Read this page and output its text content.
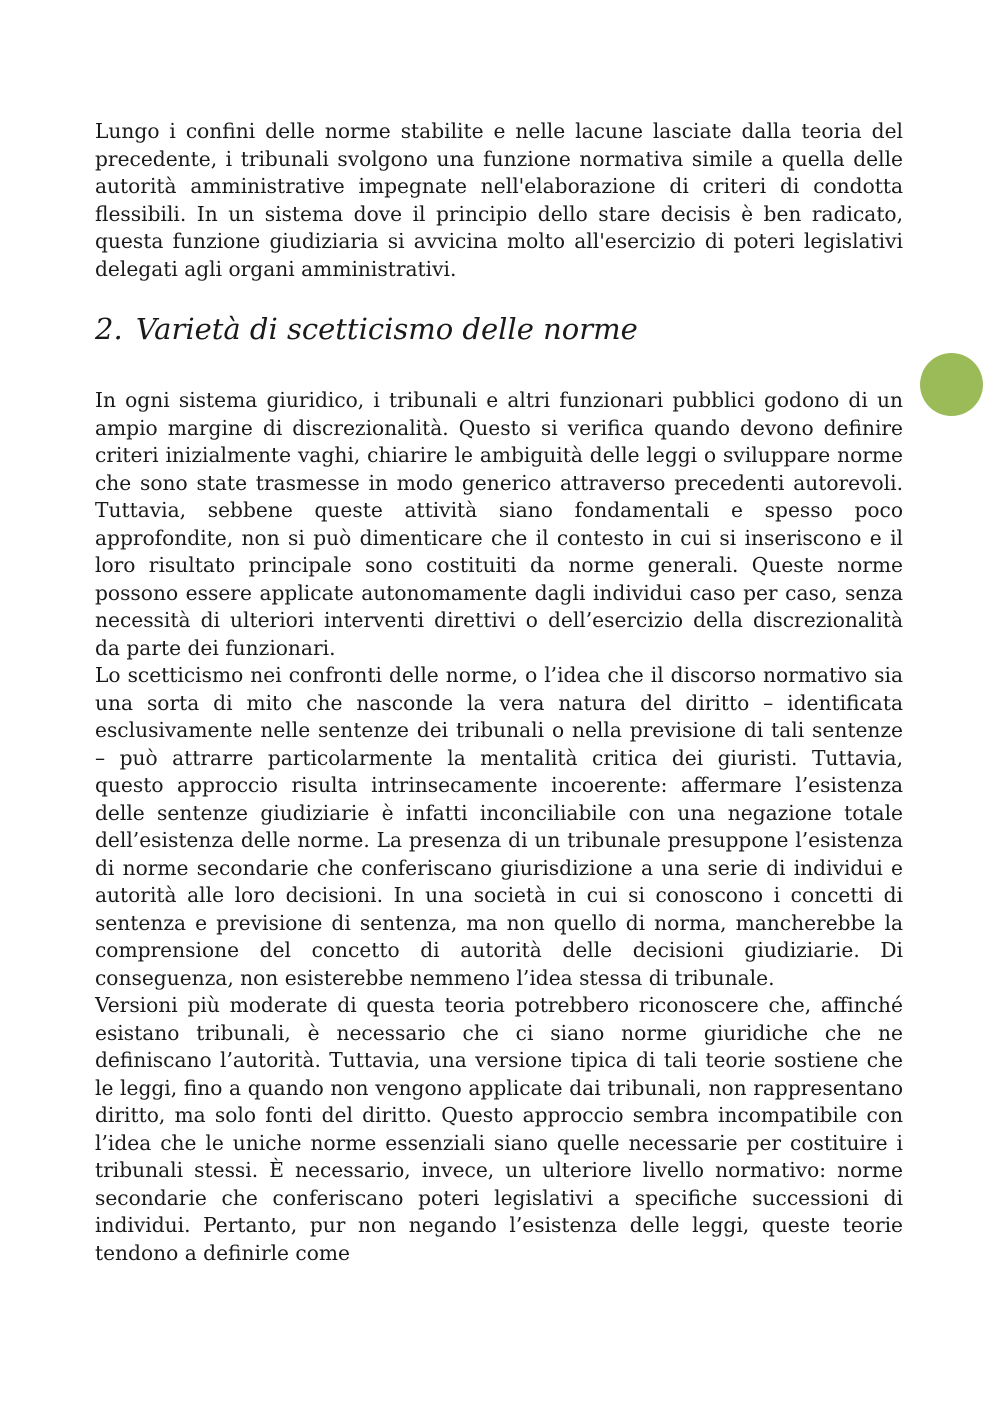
Lungo i confini delle norme stabilite e nelle lacune lasciate dalla teoria del precedente, i tribunali svolgono una funzione normativa simile a quella delle autorità amministrative impegnate nell'elaborazione di criteri di condotta flessibili. In un sistema dove il principio dello stare decisis è ben radicato, questa funzione giudiziaria si avvicina molto all'esercizio di poteri legislativi delegati agli organi amministrativi.

2. Varietà di scetticismo delle norme

In ogni sistema giuridico, i tribunali e altri funzionari pubblici godono di un ampio margine di discrezionalità. Questo si verifica quando devono definire criteri inizialmente vaghi, chiarire le ambiguità delle leggi o sviluppare norme che sono state trasmesse in modo generico attraverso precedenti autorevoli. Tuttavia, sebbene queste attività siano fondamentali e spesso poco approfondite, non si può dimenticare che il contesto in cui si inseriscono e il loro risultato principale sono costituiti da norme generali. Queste norme possono essere applicate autonomamente dagli individui caso per caso, senza necessità di ulteriori interventi direttivi o dell’esercizio della discrezionalità da parte dei funzionari.

Lo scetticismo nei confronti delle norme, o l’idea che il discorso normativo sia una sorta di mito che nasconde la vera natura del diritto – identificata esclusivamente nelle sentenze dei tribunali o nella previsione di tali sentenze – può attrarre particolarmente la mentalità critica dei giuristi. Tuttavia, questo approccio risulta intrinsecamente incoerente: affermare l’esistenza delle sentenze giudiziarie è infatti inconciliabile con una negazione totale dell’esistenza delle norme. La presenza di un tribunale presuppone l’esistenza di norme secondarie che conferiscano giurisdizione a una serie di individui e autorità alle loro decisioni. In una società in cui si conoscono i concetti di sentenza e previsione di sentenza, ma non quello di norma, mancherebbe la comprensione del concetto di autorità delle decisioni giudiziarie. Di conseguenza, non esisterebbe nemmeno l’idea stessa di tribunale.

Versioni più moderate di questa teoria potrebbero riconoscere che, affinché esistano tribunali, è necessario che ci siano norme giuridiche che ne definiscano l’autorità. Tuttavia, una versione tipica di tali teorie sostiene che le leggi, fino a quando non vengono applicate dai tribunali, non rappresentano diritto, ma solo fonti del diritto. Questo approccio sembra incompatibile con l’idea che le uniche norme essenziali siano quelle necessarie per costituire i tribunali stessi. È necessario, invece, un ulteriore livello normativo: norme secondarie che conferiscano poteri legislativi a specifiche successioni di individui. Pertanto, pur non negando l’esistenza delle leggi, queste teorie tendono a definirle come
